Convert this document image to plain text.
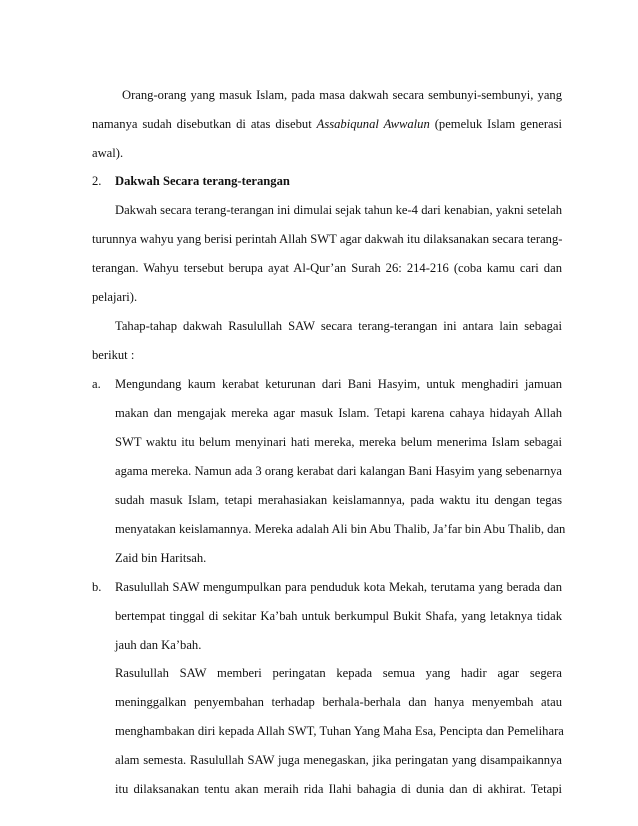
Orang-orang yang masuk Islam, pada masa dakwah secara sembunyi-sembunyi, yang
namanya sudah disebutkan di atas disebut Assabiqunal Awwalun (pemeluk Islam generasi
awal).
2. Dakwah Secara terang-terangan
Dakwah secara terang-terangan ini dimulai sejak tahun ke-4 dari kenabian, yakni setelah
turunnya wahyu yang berisi perintah Allah SWT agar dakwah itu dilaksanakan secara terang-
terangan. Wahyu tersebut berupa ayat Al-Qur’an Surah 26: 214-216 (coba kamu cari dan
pelajari).
Tahap-tahap dakwah Rasulullah SAW secara terang-terangan ini antara lain sebagai
berikut :
a. Mengundang kaum kerabat keturunan dari Bani Hasyim, untuk menghadiri jamuan
makan dan mengajak mereka agar masuk Islam. Tetapi karena cahaya hidayah Allah
SWT waktu itu belum menyinari hati mereka, mereka belum menerima Islam sebagai
agama mereka. Namun ada 3 orang kerabat dari kalangan Bani Hasyim yang sebenarnya
sudah masuk Islam, tetapi merahasiakan keislamannya, pada waktu itu dengan tegas
menyatakan keislamannya. Mereka adalah Ali bin Abu Thalib, Ja’far bin Abu Thalib, dan
Zaid bin Haritsah.
b. Rasulullah SAW mengumpulkan para penduduk kota Mekah, terutama yang berada dan
bertempat tinggal di sekitar Ka’bah untuk berkumpul Bukit Shafa, yang letaknya tidak
jauh dan Ka’bah.
Rasulullah SAW memberi peringatan kepada semua yang hadir agar segera
meninggalkan penyembahan terhadap berhala-berhala dan hanya menyembah atau
menghambakan diri kepada Allah SWT, Tuhan Yang Maha Esa, Pencipta dan Pemelihara
alam semesta. Rasulullah SAW juga menegaskan, jika peringatan yang disampaikannya
itu dilaksanakan tentu akan meraih rida Ilahi bahagia di dunia dan di akhirat. Tetapi
